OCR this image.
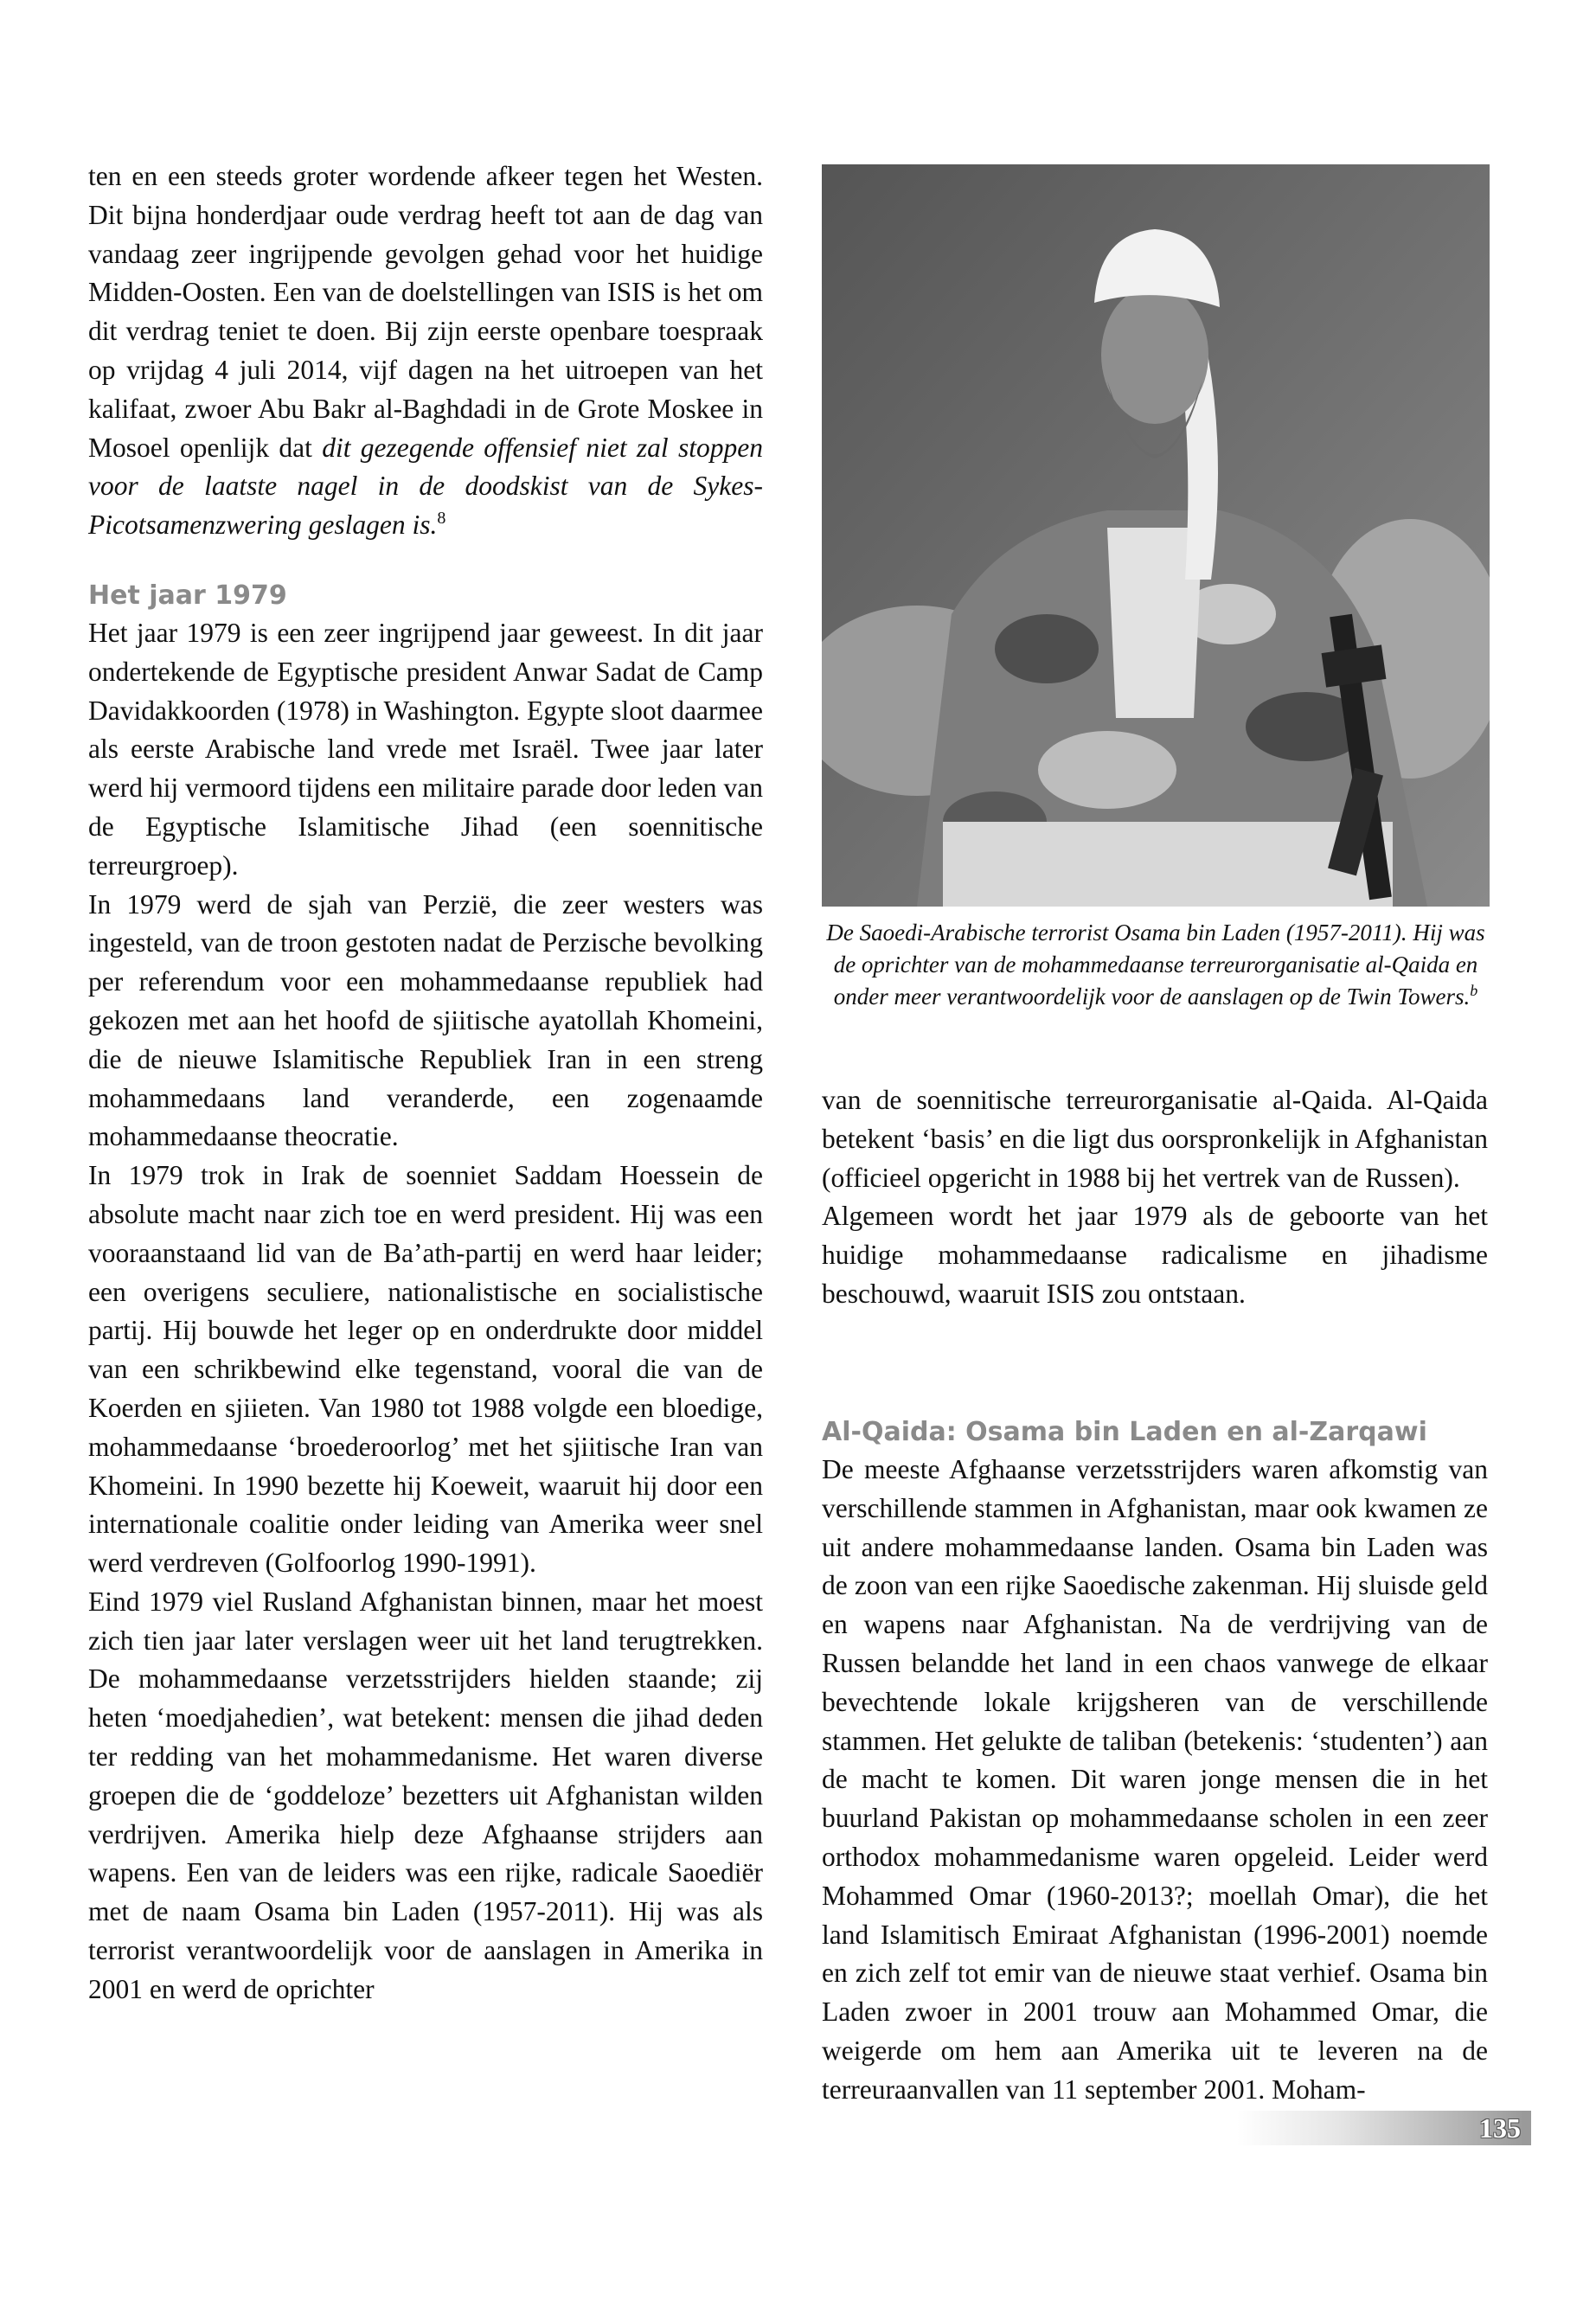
ten en een steeds groter wordende afkeer tegen het Westen. Dit bijna honderdjaar oude verdrag heeft tot aan de dag van vandaag zeer ingrijpende gevolgen gehad voor het huidige Midden-Oosten. Een van de doelstellingen van ISIS is het om dit verdrag teniet te doen. Bij zijn eerste openbare toespraak op vrijdag 4 juli 2014, vijf dagen na het uitroepen van het kalifaat, zwoer Abu Bakr al-Baghdadi in de Grote Moskee in Mosoel openlijk dat dit gezegende offensief niet zal stoppen voor de laatste nagel in de doodskist van de Sykes-Picotsamenzwering geslagen is.$^8$

Het jaar 1979

Het jaar 1979 is een zeer ingrijpend jaar geweest. In dit jaar ondertekende de Egyptische president Anwar Sadat de Camp Davidakkoorden (1978) in Washington. Egypte sloot daarmee als eerste Arabische land vrede met Israël. Twee jaar later werd hij vermoord tijdens een militaire parade door leden van de Egyptische Islamitische Jihad (een soennitische terreurgroep).

In 1979 werd de sjah van Perzië, die zeer westers was ingesteld, van de troon gestoten nadat de Perzische bevolking per referendum voor een mohammedaanse republiek had gekozen met aan het hoofd de sjiitische ayatollah Khomeini, die de nieuwe Islamitische Republiek Iran in een streng mohammedaans land veranderde, een zogenaamde mohammedaanse theocratie.

In 1979 trok in Irak de soenniet Saddam Hoessein de absolute macht naar zich toe en werd president. Hij was een vooraanstaand lid van de Ba’ath-partij en werd haar leider; een overigens seculiere, nationalistische en socialistische partij. Hij bouwde het leger op en onderdrukte door middel van een schrikbewind elke tegenstand, vooral die van de Koerden en sjiieten. Van 1980 tot 1988 volgde een bloedige, mohammedaanse ‘broederoorlog’ met het sjiitische Iran van Khomeini. In 1990 bezette hij Koeweit, waaruit hij door een internationale coalitie onder leiding van Amerika weer snel werd verdreven (Golfoorlog 1990-1991).

Eind 1979 viel Rusland Afghanistan binnen, maar het moest zich tien jaar later verslagen weer uit het land terugtrekken. De mohammedaanse verzetsstrijders hielden staande; zij heten ‘moedjahedien’, wat betekent: mensen die jihad deden ter redding van het mohammedanisme. Het waren diverse groepen die de ‘goddeloze’ bezetters uit Afghanistan wilden verdrijven. Amerika hielp deze Afghaanse strijders aan wapens. Een van de leiders was een rijke, radicale Saoediër met de naam Osama bin Laden (1957-2011). Hij was als terrorist verantwoordelijk voor de aanslagen in Amerika in 2001 en werd de oprichter

De Saoedi-Arabische terrorist Osama bin Laden (1957-2011). Hij was de oprichter van de mohammedaanse terreurorganisatie al-Qaida en onder meer verantwoordelijk voor de aanslagen op de Twin Towers.$^b$

van de soennitische terreurorganisatie al-Qaida. Al-Qaida betekent ‘basis’ en die ligt dus oorspronkelijk in Afghanistan (officieel opgericht in 1988 bij het vertrek van de Russen).

Algemeen wordt het jaar 1979 als de geboorte van het huidige mohammedaanse radicalisme en jihadisme beschouwd, waaruit ISIS zou ontstaan.

Al-Qaida: Osama bin Laden en al-Zarqawi

De meeste Afghaanse verzetsstrijders waren afkomstig van verschillende stammen in Afghanistan, maar ook kwamen ze uit andere mohammedaanse landen. Osama bin Laden was de zoon van een rijke Saoedische zakenman. Hij sluisde geld en wapens naar Afghanistan. Na de verdrijving van de Russen belandde het land in een chaos vanwege de elkaar bevechtende lokale krijgsheren van de verschillende stammen. Het gelukte de taliban (betekenis: ‘studenten’) aan de macht te komen. Dit waren jonge mensen die in het buurland Pakistan op mohammedaanse scholen in een zeer orthodox mohammedanisme waren opgeleid. Leider werd Mohammed Omar (1960-2013?; moellah Omar), die het land Islamitisch Emiraat Afghanistan (1996-2001) noemde en zich zelf tot emir van de nieuwe staat verhief. Osama bin Laden zwoer in 2001 trouw aan Mohammed Omar, die weigerde om hem aan Amerika uit te leveren na de terreuraanvallen van 11 september 2001. Moham-

135
